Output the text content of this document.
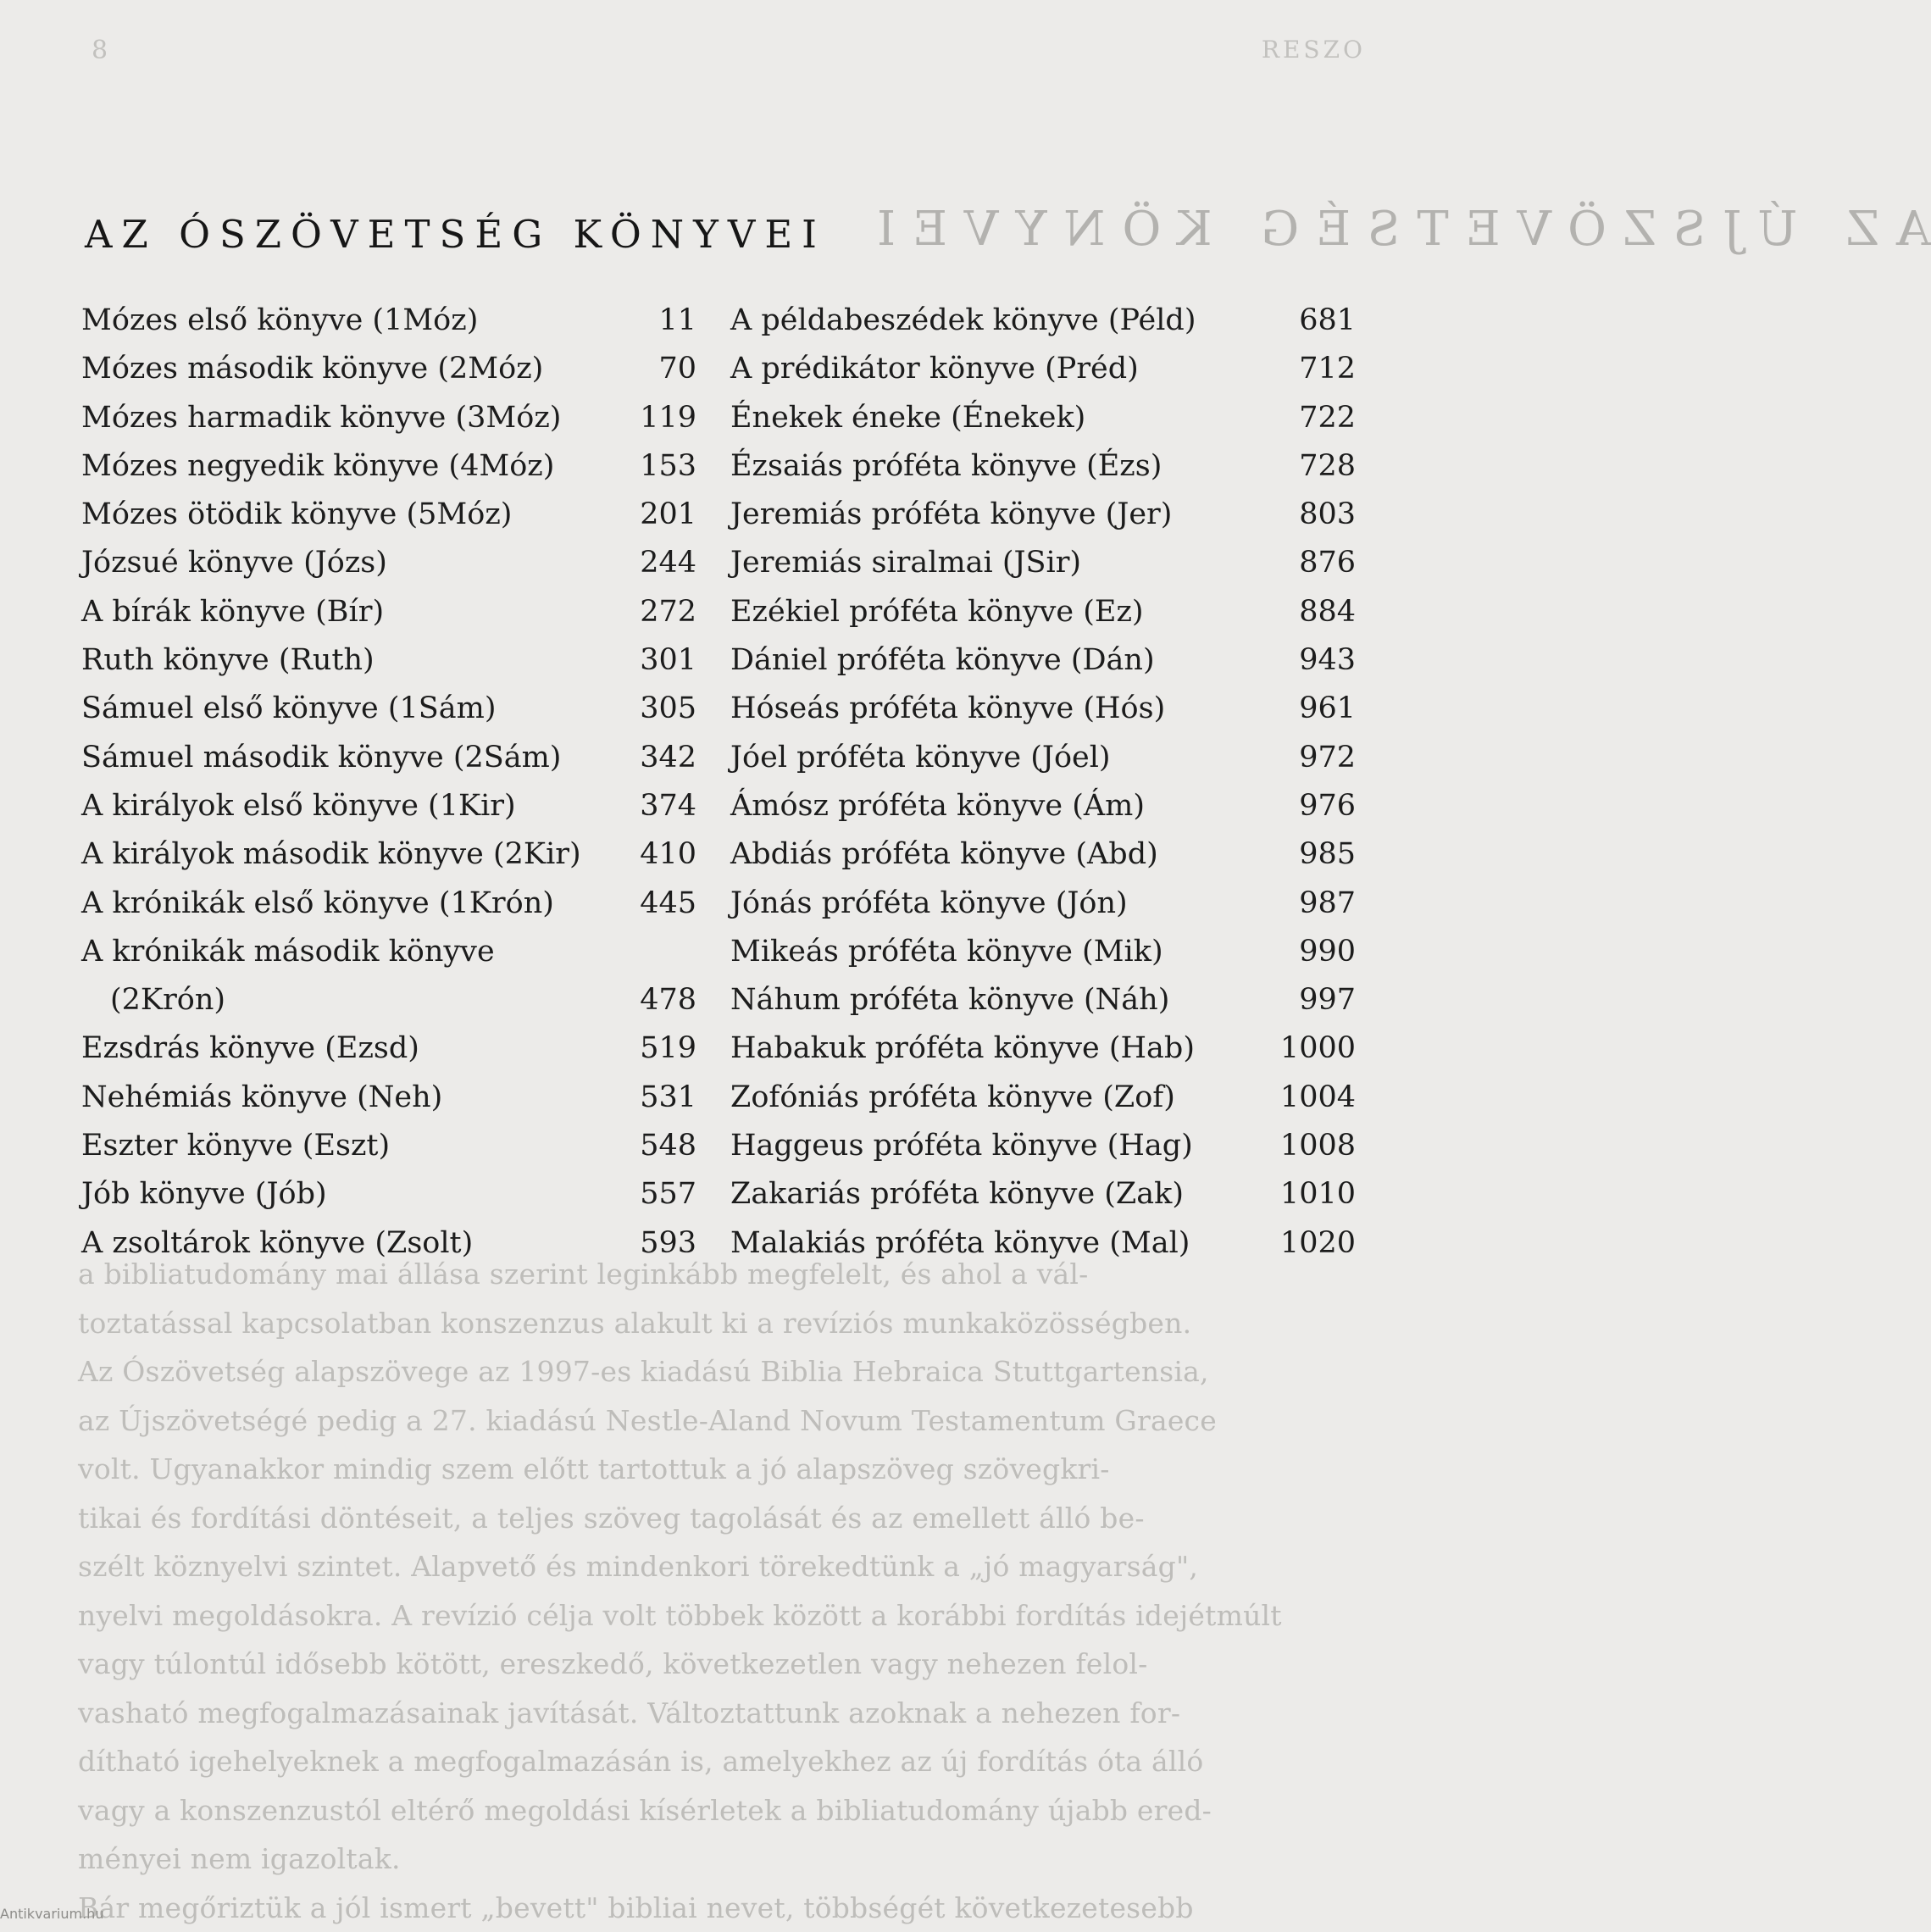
8	RESZO
AZ ÚJSZÖVETSÉG KÖNYVEI

a bibliatudomány mai állása szerint leginkább megfelelt, és ahol a vál-

toztatással kapcsolatban konszenzus alakult ki a revíziós munkaközösségben.

Az Ószövetség alapszövege az 1997-es kiadású Biblia Hebraica Stuttgartensia,

az Újszövetségé pedig a 27. kiadású Nestle-Aland Novum Testamentum Graece

volt. Ugyanakkor mindig szem előtt tartottuk a jó alapszöveg szövegkri-

tikai és fordítási döntéseit, a teljes szöveg tagolását és az emellett álló be-

szélt köznyelvi szintet. Alapvető és mindenkori törekedtünk a „jó magyarság",

nyelvi megoldásokra. A revízió célja volt többek között a korábbi fordítás idejétmúlt

vagy túlontúl idősebb kötött, ereszkedő, következetlen vagy nehezen felol-

vasható megfogalmazásainak javítását. Változtattunk azoknak a nehezen for-

dítható igehelyeknek a megfogalmazásán is, amelyekhez az új fordítás óta álló

vagy a konszenzustól eltérő megoldási kísérletek a bibliatudomány újabb ered-

ményei nem igazoltak.

Bár megőriztük a jól ismert „bevett" bibliai nevet, többségét következetesebb

Antikvarium.hu
AZ ÓSZÖVETSÉG KÖNYVEI
Mózes első könyve (1Móz)	11
Mózes második könyve (2Móz)	70
Mózes harmadik könyve (3Móz)	119
Mózes negyedik könyve (4Móz)	153
Mózes ötödik könyve (5Móz)	201
Józsué könyve (Józs)	244
A bírák könyve (Bír)	272
Ruth könyve (Ruth)	301
Sámuel első könyve (1Sám)	305
Sámuel második könyve (2Sám)	342
A királyok első könyve (1Kir)	374
A királyok második könyve (2Kir) 410
A krónikák első könyve (1Krón)	445
A krónikák második könyve
(2Krón)	478
Ezsdrás könyve (Ezsd)	519
Nehémiás könyve (Neh)	531
Eszter könyve (Eszt)	548
Jób könyve (Jób)	557
A zsoltárok könyve (Zsolt)	593
A példabeszédek könyve (Péld)	681
A prédikátor könyve (Préd)	712
Énekek éneke (Énekek)	722
Ézsaiás próféta könyve (Ézs)	728
Jeremiás próféta könyve (Jer)	803
Jeremiás siralmai (JSir)	876
Ezékiel próféta könyve (Ez)	884
Dániel próféta könyve (Dán)	943
Hóseás próféta könyve (Hós)	961
Jóel próféta könyve (Jóel)	972
Ámósz próféta könyve (Ám)	976
Abdiás próféta könyve (Abd)	985
Jónás próféta könyve (Jón)	987
Mikeás próféta könyve (Mik)	990
Náhum próféta könyve (Náh)	997
Habakuk próféta könyve (Hab)	1000
Zofóniás próféta könyve (Zof)	1004
Haggeus próféta könyve (Hag)	1008
Zakariás próféta könyve (Zak)	1010
Malakiás próféta könyve (Mal)	1020
